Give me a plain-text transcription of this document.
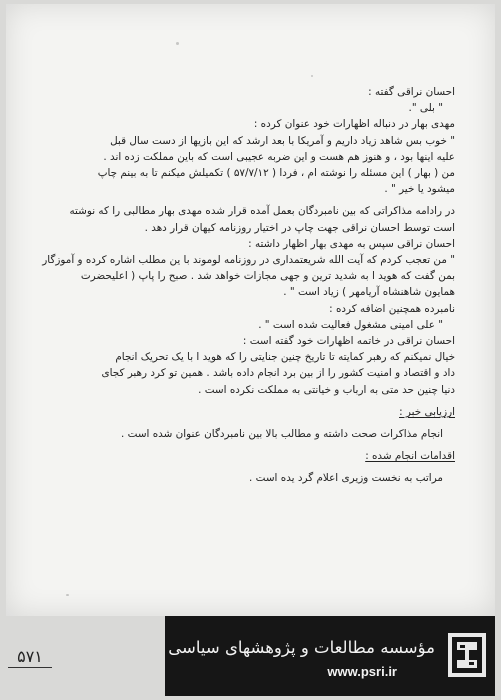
احسان نراقی گفته :

" بلی ".

مهدی بهار در دنباله اظهارات خود عنوان کرده :

" خوب بس شاهد زیاد داریم و آمریکا با بعد ارشد که این بازیها از دست سال قبل

علیه اینها بود ، و هنوز هم هست و این ضربه عجیبی است که باین مملکت زده اند .

من ( بهار ) این مسئله را نوشته ام ، فردا ( ۵۷/۷/۱۲ ) تکمیلش میکنم تا به بینم چاپ

میشود یا خیر " .

در رادامه مذاکراتی که بین نامبردگان بعمل آمده قرار شده مهدی بهار مطالبی را که نوشته

است توسط احسان نراقی جهت چاپ در اختیار روزنامه کیهان قرار دهد .

احسان نراقی سپس به مهدی بهار اظهار داشته :

" من تعجب کردم که آیت الله شریعتمداری در روزنامه لوموند با ین مطلب اشاره کرده و آموزگار

بمن گفت که هوید ا به شدید ترین و جهی مجازات خواهد شد . صبح را پاپ ( اعلیحضرت

همایون شاهنشاه آریامهر ) زیاد است " .

نامبرده همچنین اضافه کرده :

" علی امینی مشغول فعالیت شده است " .

احسان نراقی در خاتمه اظهارات خود گفته است :

خیال نمیکنم که رهبر کمایته تا تاریخ چنین جنایتی را که هوید ا با یک تحریک انجام

داد و اقتصاد و امنیت کشور را از بین برد انجام داده باشد . همین تو کرد رهبر کجای

دنیا چنین حد متی به ارباب و خیانتی به مملکت نکرده است .

ارزیابی خبر :

انجام مذاکرات صحت داشته و مطالب بالا بین نامبردگان عنوان شده است .

اقدامات انجام شده :

مراتب به نخست وزیری اعلام گرد یده است .

۵۷۱	مؤسسه مطالعات و پژوهشهای سیاسی
www.psri.ir
